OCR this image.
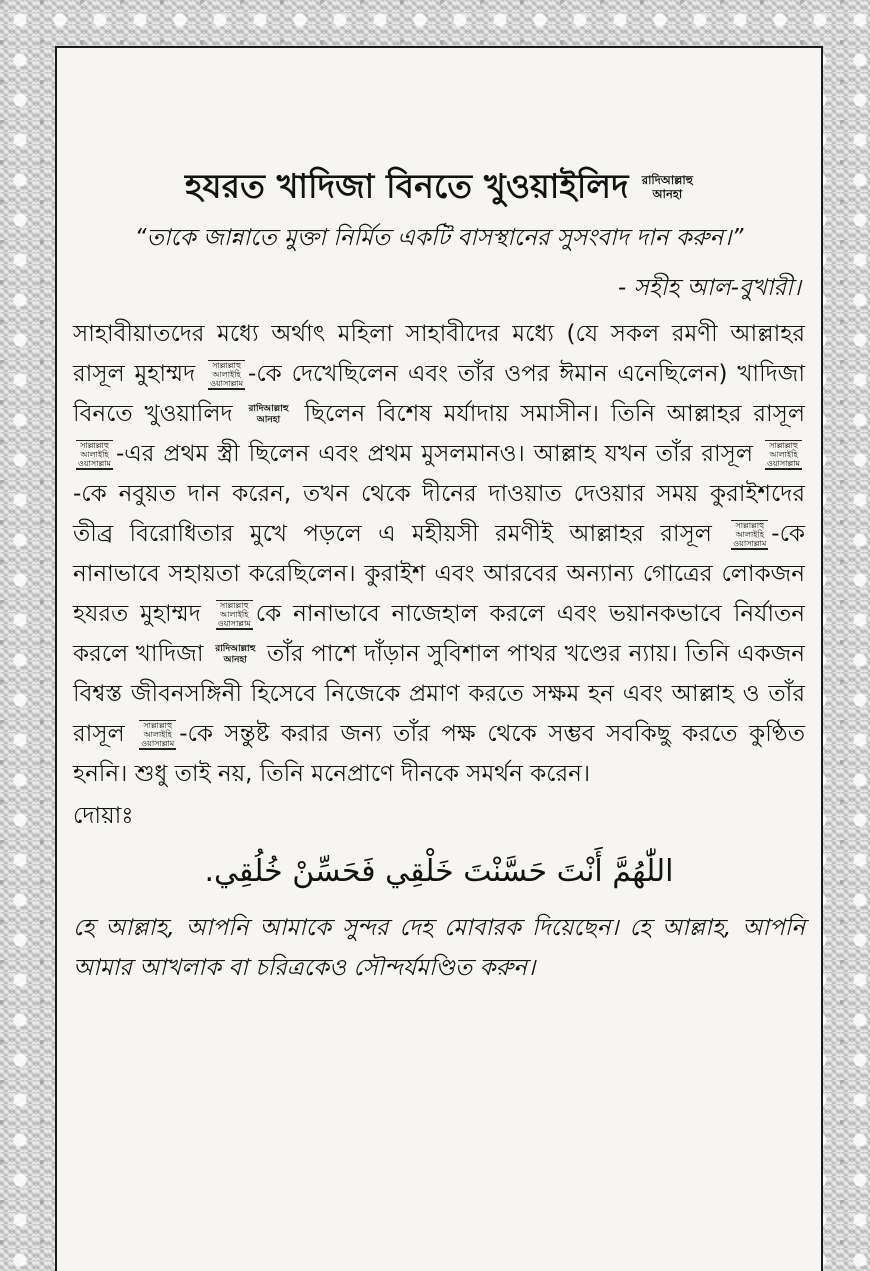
হযরত খাদিজা বিনতে খুওয়াইলিদ রাদিআল্লাহু
আনহা
“তাকে জান্নাতে মুক্তা নির্মিত একটি বাসস্থানের সুসংবাদ দান করুন।”
- সহীহ আল-বুখারী।
সাহাবীয়াতদের মধ্যে অর্থাৎ মহিলা সাহাবীদের মধ্যে (যে সকল রমণী আল্লাহর রাসূল মুহাম্মদ সাল্লাল্লাহু
আলাইহি
ওয়াসাল্লাম -কে দেখেছিলেন এবং তাঁর ওপর ঈমান এনেছিলেন) খাদিজা বিনতে খুওয়ালিদ রাদিআল্লাহু
আনহা	ছিলেন বিশেষ মর্যাদায় সমাসীন। তিনি আল্লাহর রাসূল
সাল্লাল্লাহু
আলাইহি
ওয়াসাল্লাম -এর প্রথম স্ত্রী ছিলেন এবং প্রথম মুসলমানও। আল্লাহ যখন তাঁর রাসূল সাল্লাল্লাহু
আলাইহি
ওয়াসাল্লাম
-কে নবুয়ত দান করেন, তখন থেকে দীনের দাওয়াত দেওয়ার সময় কুরাইশদের তীব্র বিরোধিতার মুখে পড়লে এ মহীয়সী রমণীই আল্লাহর রাসূল	সাল্লাল্লাহু
আলাইহি
ওয়াসাল্লাম -কে নানাভাবে সহায়তা করেছিলেন। কুরাইশ এবং আরবের অন্যান্য গোত্রের লোকজন হযরত মুহাম্মদ সাল্লাল্লাহু
আলাইহি
ওয়াসাল্লাম কে নানাভাবে নাজেহাল করলে এবং ভয়ানকভাবে নির্যাতন করলে খাদিজা রাদিআল্লাহু
আনহা তাঁর পাশে দাঁড়ান সুবিশাল পাথর খণ্ডের ন্যায়। তিনি একজন বিশ্বস্ত জীবনসঙ্গিনী হিসেবে নিজেকে প্রমাণ করতে সক্ষম হন এবং আল্লাহ ও তাঁর রাসূল সাল্লাল্লাহু
আলাইহি
ওয়াসাল্লাম -কে সন্তুষ্ট করার জন্য তাঁর পক্ষ থেকে সম্ভব সবকিছু করতে কুণ্ঠিত হননি। শুধু তাই নয়, তিনি মনেপ্রাণে দীনকে সমর্থন করেন।
দোয়াঃ
اللّٰهُمَّ أَنْتَ حَسَّنْتَ خَلْقِي فَحَسِّنْ خُلُقِي.
হে আল্লাহ, আপনি আমাকে সুন্দর দেহ মোবারক দিয়েছেন। হে আল্লাহ, আপনি আমার আখলাক বা চরিত্রকেও সৌন্দর্যমণ্ডিত করুন।
